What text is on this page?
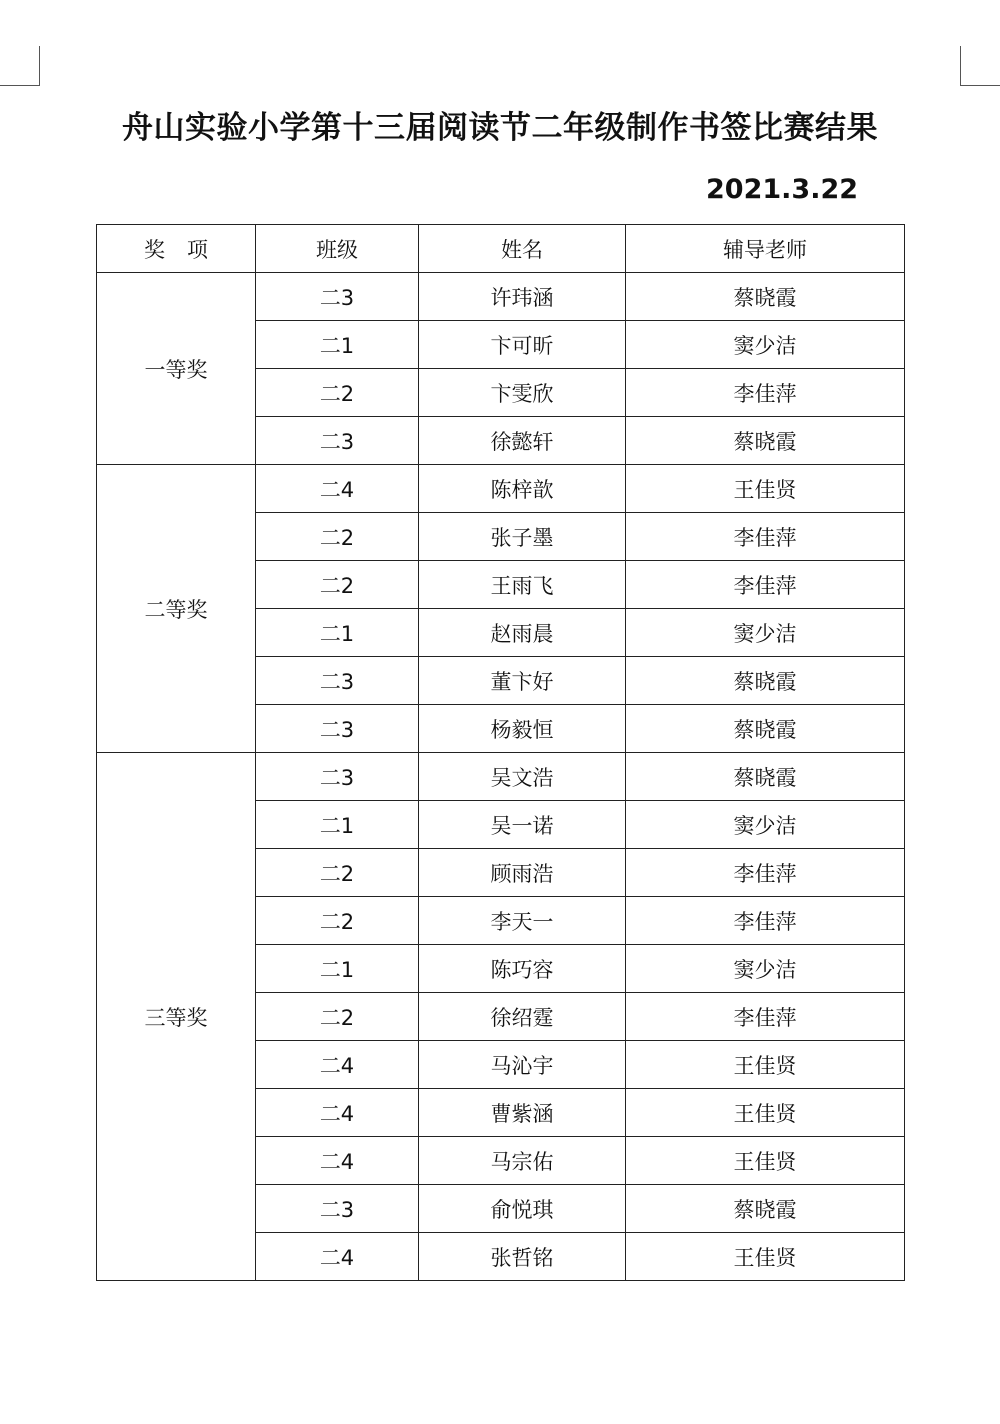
舟山实验小学第十三届阅读节二年级制作书签比赛结果
2021.3.22
奖项	班级	姓名	辅导老师
一等奖	二3	许玮涵	蔡晓霞
	二1	卞可昕	窦少洁
	二2	卞雯欣	李佳萍
	二3	徐懿轩	蔡晓霞
二等奖	二4	陈梓歆	王佳贤
	二2	张子墨	李佳萍
	二2	王雨飞	李佳萍
	二1	赵雨晨	窦少洁
	二3	董卞好	蔡晓霞
	二3	杨毅恒	蔡晓霞
三等奖	二3	吴文浩	蔡晓霞
	二1	吴一诺	窦少洁
	二2	顾雨浩	李佳萍
	二2	李天一	李佳萍
	二1	陈巧容	窦少洁
	二2	徐绍霆	李佳萍
	二4	马沁宇	王佳贤
	二4	曹紫涵	王佳贤
	二4	马宗佑	王佳贤
	二3	俞悦琪	蔡晓霞
	二4	张哲铭	王佳贤
